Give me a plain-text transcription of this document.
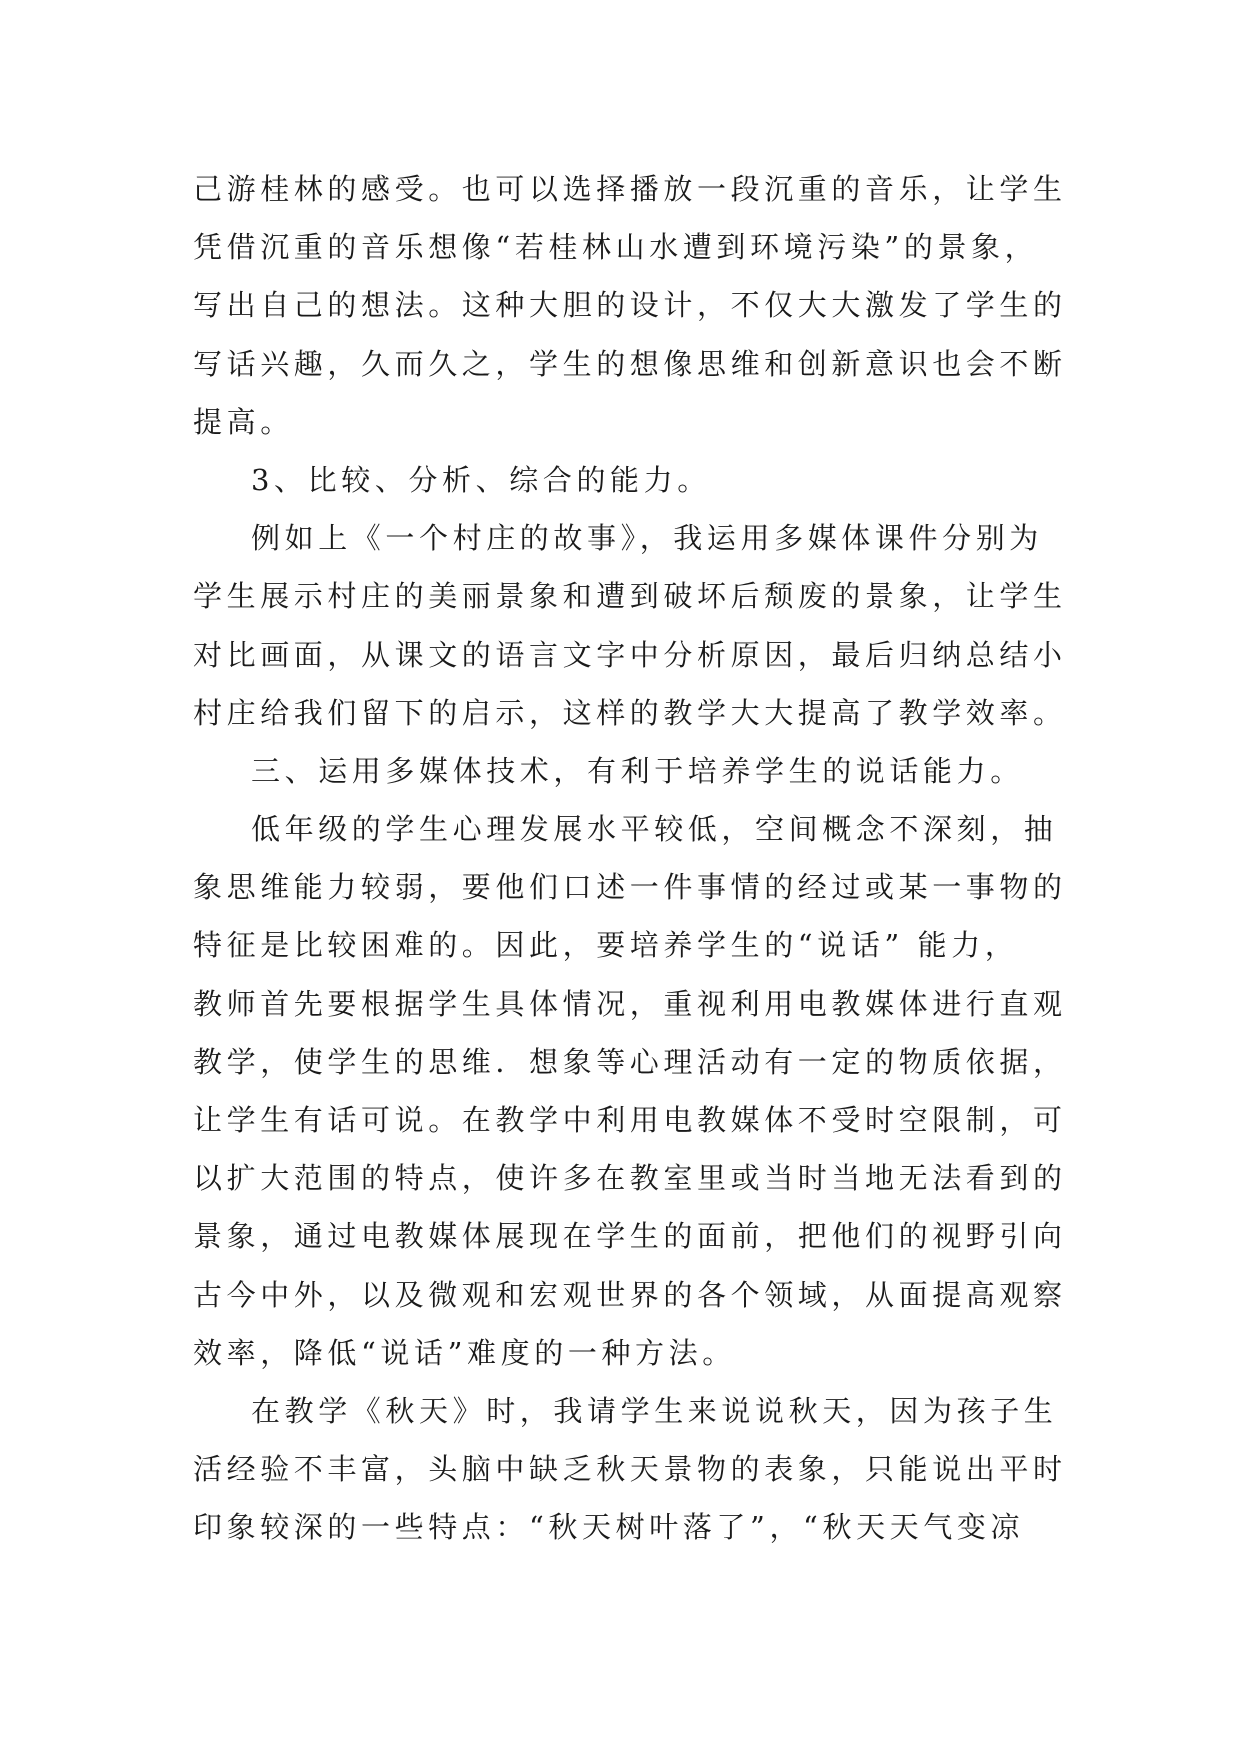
己游桂林的感受。也可以选择播放一段沉重的音乐，让学生
凭借沉重的音乐想像“若桂林山水遭到环境污染”的景象，
写出自己的想法。这种大胆的设计，不仅大大激发了学生的
写话兴趣，久而久之，学生的想像思维和创新意识也会不断
提高。
3、比较、分析、综合的能力。
例如上《一个村庄的故事》，我运用多媒体课件分别为
学生展示村庄的美丽景象和遭到破坏后颓废的景象，让学生
对比画面，从课文的语言文字中分析原因，最后归纳总结小
村庄给我们留下的启示，这样的教学大大提高了教学效率。
三、运用多媒体技术，有利于培养学生的说话能力。
低年级的学生心理发展水平较低，空间概念不深刻，抽
象思维能力较弱，要他们口述一件事情的经过或某一事物的
特征是比较困难的。因此，要培养学生的“说话” 能力，
教师首先要根据学生具体情况，重视利用电教媒体进行直观
教学，使学生的思维．想象等心理活动有一定的物质依据，
让学生有话可说。在教学中利用电教媒体不受时空限制，可
以扩大范围的特点，使许多在教室里或当时当地无法看到的
景象，通过电教媒体展现在学生的面前，把他们的视野引向
古今中外，以及微观和宏观世界的各个领域，从面提高观察
效率，降低“说话”难度的一种方法。
在教学《秋天》时，我请学生来说说秋天，因为孩子生
活经验不丰富，头脑中缺乏秋天景物的表象，只能说出平时
印象较深的一些特点：“秋天树叶落了”，“秋天天气变凉
